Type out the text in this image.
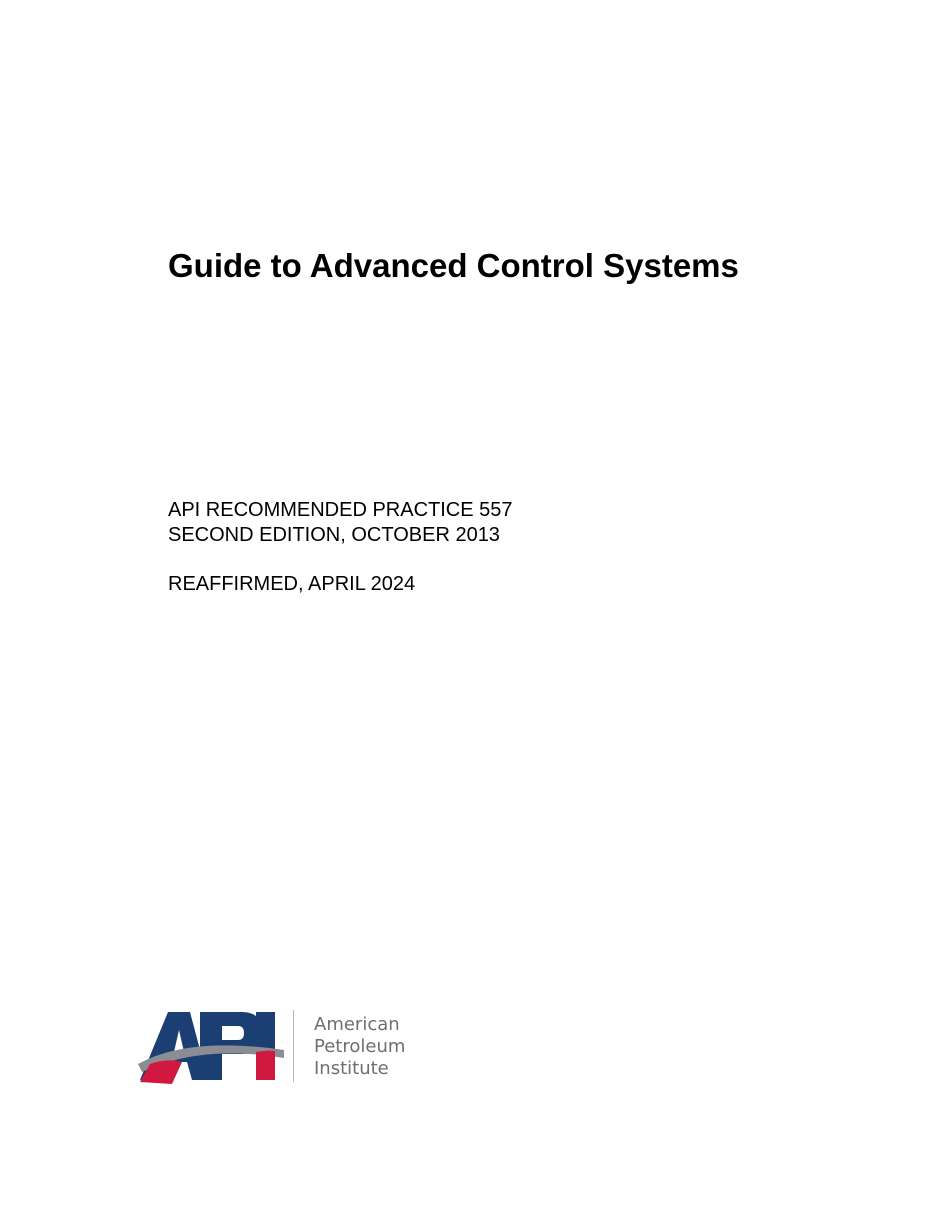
Guide to Advanced Control Systems
API RECOMMENDED PRACTICE 557
SECOND EDITION, OCTOBER 2013
REAFFIRMED, APRIL 2024
American
Petroleum
Institute
